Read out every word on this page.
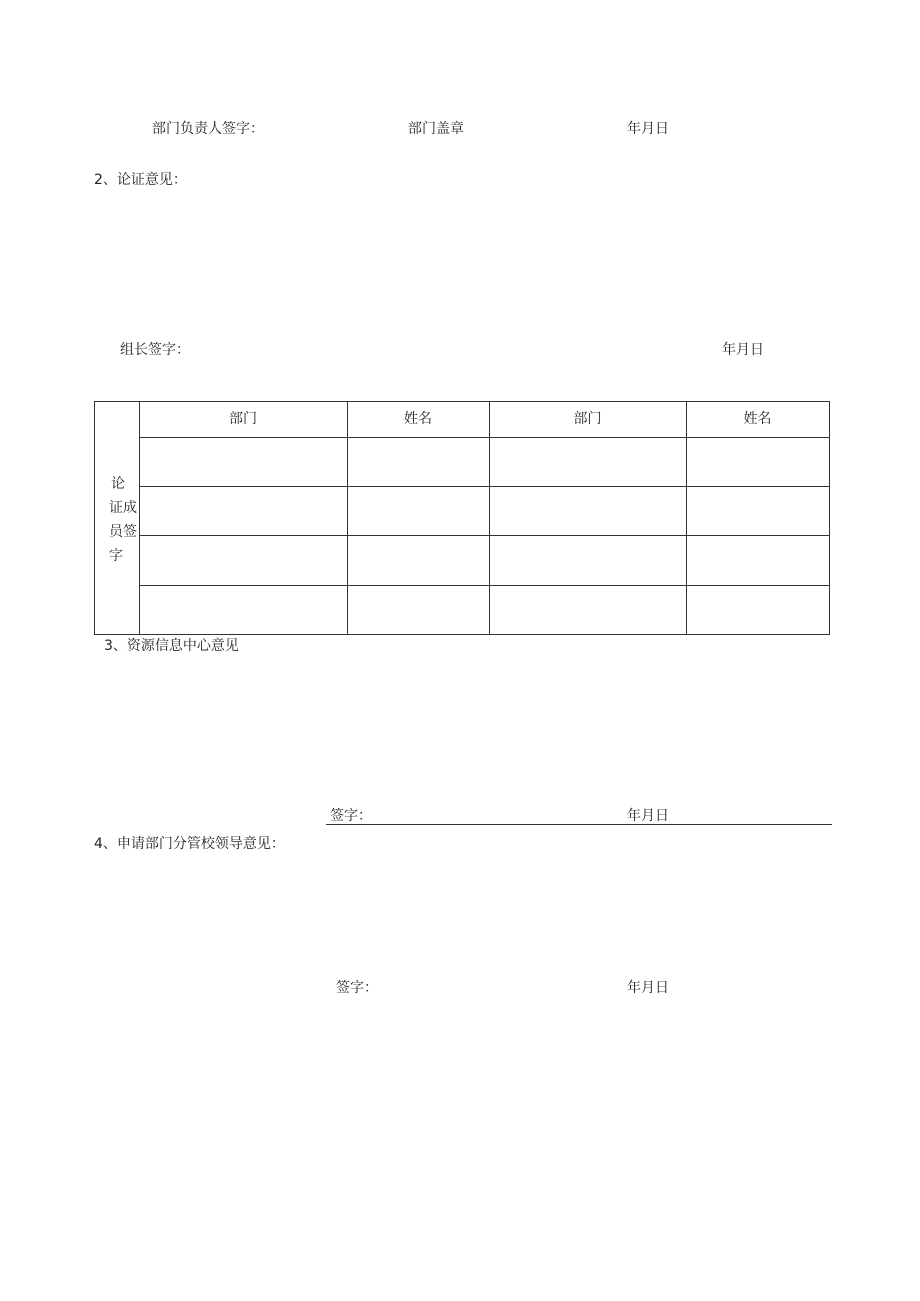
部门负责人签字：	部门盖章	年月日
2、论证意见：
组长签字：	年月日
论
证成
员签
字
部门	姓名	部门	姓名
3、资源信息中心意见
签字：	年月日
4、申请部门分管校领导意见：
签字：	年月日
